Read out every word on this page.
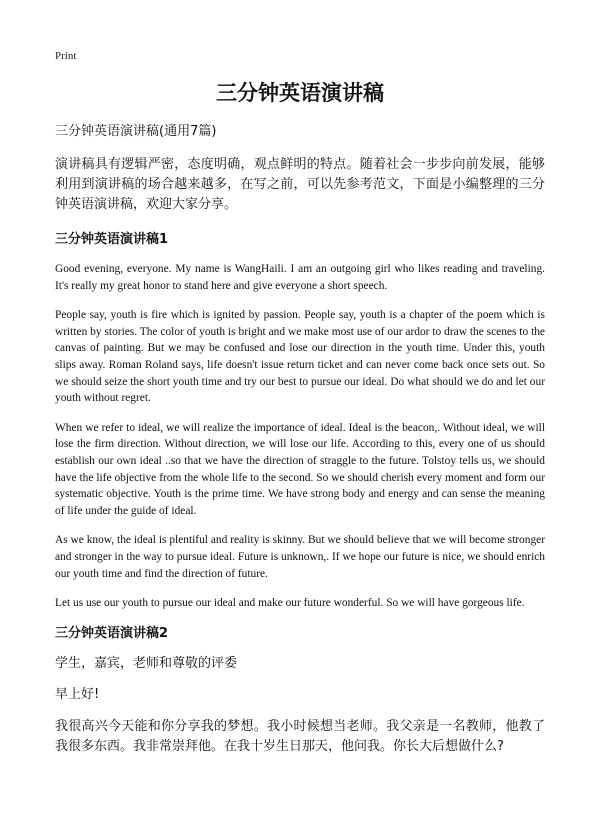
Print
三分钟英语演讲稿

三分钟英语演讲稿(通用7篇)

演讲稿具有逻辑严密，态度明确，观点鲜明的特点。随着社会一步步向前发展，能够利用到演讲稿的场合越来越多，在写之前，可以先参考范文，下面是小编整理的三分钟英语演讲稿，欢迎大家分享。

三分钟英语演讲稿1

Good evening, everyone. My name is WangHaili. I am an outgoing girl who likes reading and traveling. It's really my great honor to stand here and give everyone a short speech.

People say, youth is fire which is ignited by passion. People say, youth is a chapter of the poem which is written by stories. The color of youth is bright and we make most use of our ardor to draw the scenes to the canvas of painting. But we may be confused and lose our direction in the youth time. Under this, youth slips away. Roman Roland says, life doesn't issue return ticket and can never come back once sets out. So we should seize the short youth time and try our best to pursue our ideal. Do what should we do and let our youth without regret.

When we refer to ideal, we will realize the importance of ideal. Ideal is the beacon,. Without ideal, we will lose the firm direction. Without direction, we will lose our life. According to this, every one of us should establish our own ideal ..so that we have the direction of straggle to the future. Tolstoy tells us, we should have the life objective from the whole life to the second. So we should cherish every moment and form our systematic objective. Youth is the prime time. We have strong body and energy and can sense the meaning of life under the guide of ideal.

As we know, the ideal is plentiful and reality is skinny. But we should believe that we will become stronger and stronger in the way to pursue ideal. Future is unknown,. If we hope our future is nice, we should enrich our youth time and find the direction of future.

Let us use our youth to pursue our ideal and make our future wonderful. So we will have gorgeous life.

三分钟英语演讲稿2

学生，嘉宾，老师和尊敬的评委

早上好!

我很高兴今天能和你分享我的梦想。我小时候想当老师。我父亲是一名教师，他教了我很多东西。我非常崇拜他。在我十岁生日那天，他问我。你长大后想做什么?
